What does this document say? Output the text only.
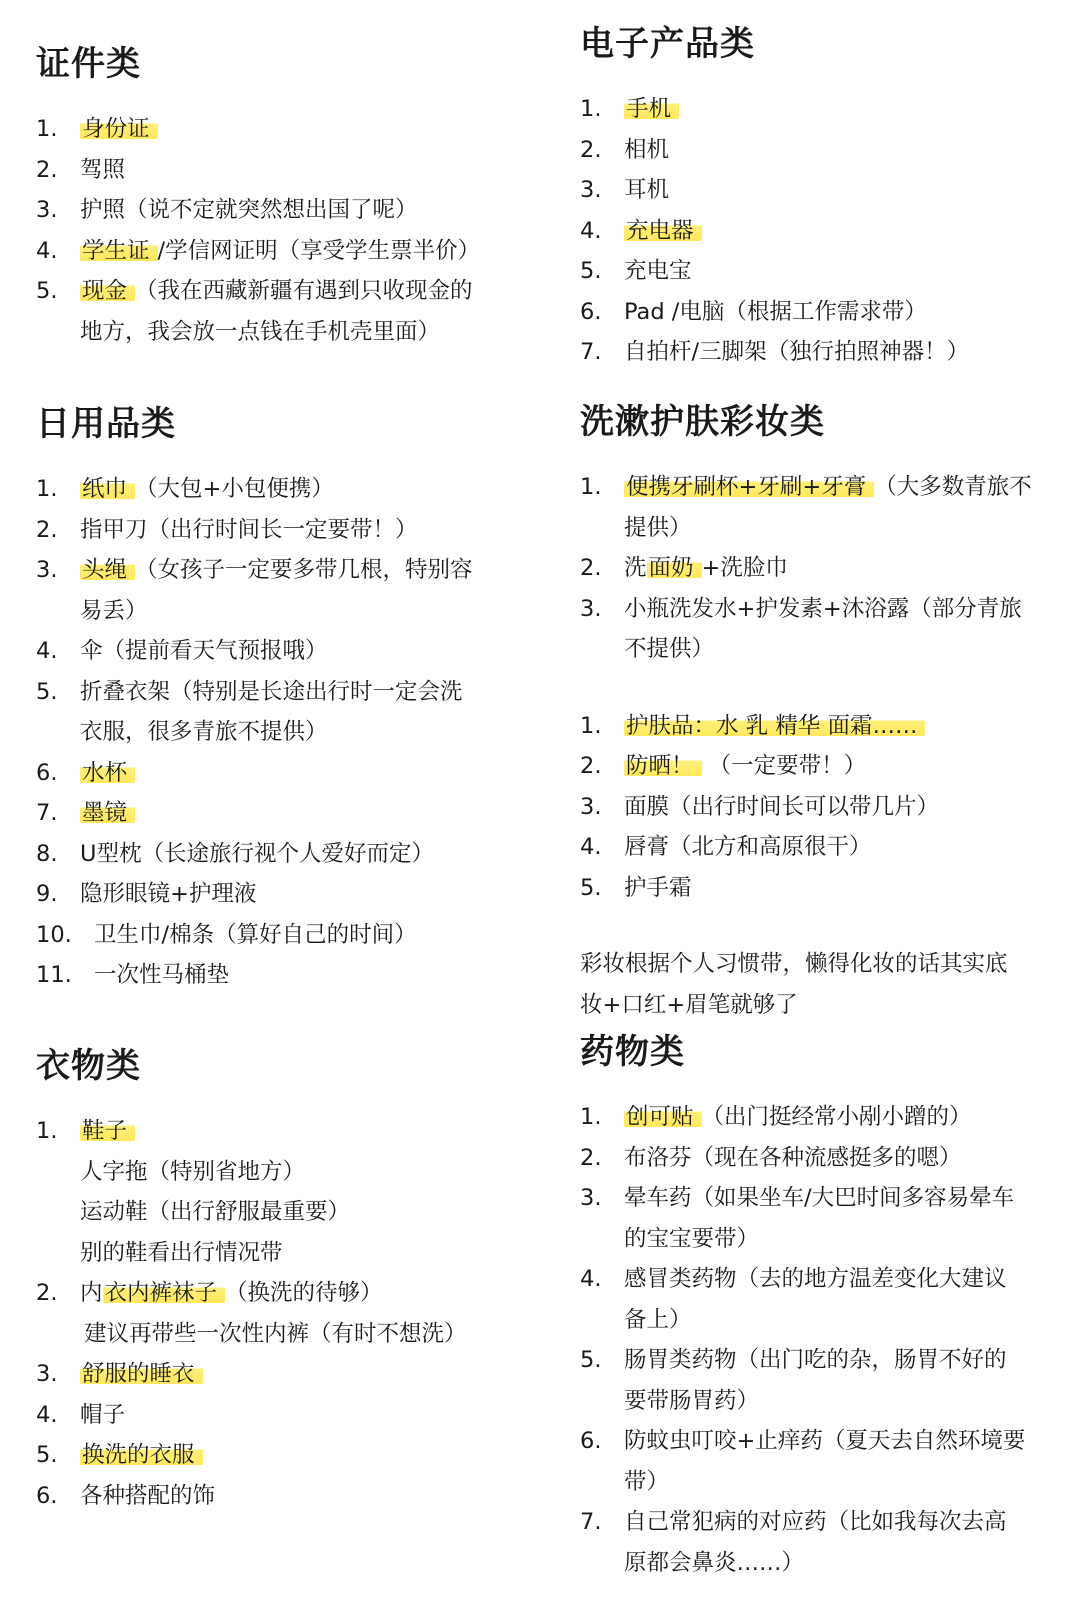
证件类
1. 身份证
2. 驾照
3. 护照（说不定就突然想出国了呢）
4. 学生证 /学信网证明（享受学生票半价）
5. 现金 （我在西藏新疆有遇到只收现金的
地方，我会放一点钱在手机壳里面）
日用品类
1. 纸巾 （大包+小包便携）
2. 指甲刀（出行时间长一定要带！）
3. 头绳 （女孩子一定要多带几根，特别容
易丢）
4. 伞（提前看天气预报哦）
5. 折叠衣架（特别是长途出行时一定会洗
衣服，很多青旅不提供）
6. 水杯
7. 墨镜
8. U型枕（长途旅行视个人爱好而定）
9. 隐形眼镜+护理液
10. 卫生巾/棉条（算好自己的时间）
11. 一次性马桶垫
衣物类
1. 鞋子
人字拖（特别省地方）
运动鞋（出行舒服最重要）
别的鞋看出行情况带
2. 内衣内裤袜子 （换洗的待够）
建议再带些一次性内裤（有时不想洗）
3. 舒服的睡衣
4. 帽子
5. 换洗的衣服
6. 各种搭配的饰
电子产品类
1. 手机
2. 相机
3. 耳机
4. 充电器
5. 充电宝
6. Pad /电脑（根据工作需求带）
7. 自拍杆/三脚架（独行拍照神器！）
洗漱护肤彩妆类
1. 便携牙刷杯+牙刷+牙膏 （大多数青旅不
提供）
2. 洗面奶 +洗脸巾
3. 小瓶洗发水+护发素+沐浴露（部分青旅
不提供）
1. 护肤品：水 乳 精华 面霜……
2. 防晒！ （一定要带！）
3. 面膜（出行时间长可以带几片）
4. 唇膏（北方和高原很干）
5. 护手霜
彩妆根据个人习惯带，懒得化妆的话其实底
妆+口红+眉笔就够了
药物类
1. 创可贴 （出门挺经常小剐小蹭的）
2. 布洛芬（现在各种流感挺多的嗯）
3. 晕车药（如果坐车/大巴时间多容易晕车
的宝宝要带）
4. 感冒类药物（去的地方温差变化大建议
备上）
5. 肠胃类药物（出门吃的杂，肠胃不好的
要带肠胃药）
6. 防蚊虫叮咬+止痒药（夏天去自然环境要
带）
7. 自己常犯病的对应药（比如我每次去高
原都会鼻炎……）
